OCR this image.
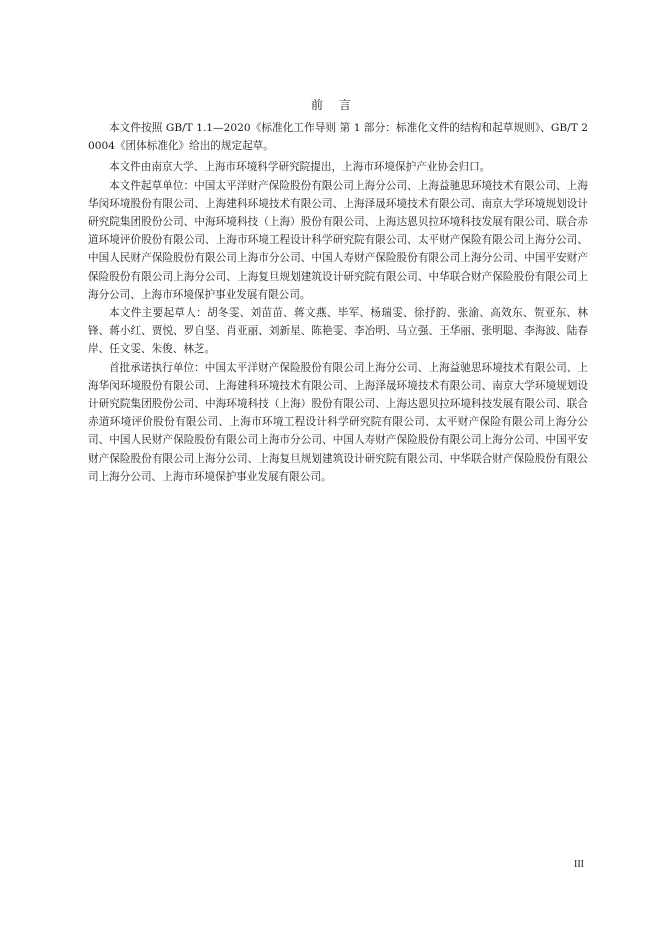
前言

本文件按照 GB/T 1.1—2020《标准化工作导则 第 1 部分：标准化文件的结构和起草规则》、GB/T 20004《团体标准化》给出的规定起草。

本文件由南京大学、上海市环境科学研究院提出，上海市环境保护产业协会归口。

本文件起草单位：中国太平洋财产保险股份有限公司上海分公司、上海益驰思环境技术有限公司、上海华闵环境股份有限公司、上海建科环境技术有限公司、上海泽晟环境技术有限公司、南京大学环境规划设计研究院集团股份公司、中海环境科技（上海）股份有限公司、上海达恩贝拉环境科技发展有限公司、联合赤道环境评价股份有限公司、上海市环境工程设计科学研究院有限公司、太平财产保险有限公司上海分公司、中国人民财产保险股份有限公司上海市分公司、中国人寿财产保险股份有限公司上海分公司、中国平安财产保险股份有限公司上海分公司、上海复旦规划建筑设计研究院有限公司、中华联合财产保险股份有限公司上海分公司、上海市环境保护事业发展有限公司。

本文件主要起草人：胡冬雯、刘苗苗、蒋文燕、毕军、杨瑞雯、徐抒韵、张渝、高效东、贺亚东、林锋、蒋小红、贾悦、罗自坚、肖亚丽、刘新星、陈艳雯、李冶明、马立强、王华丽、张明聪、李海波、陆春岸、任文雯、朱俊、林芝。

首批承诺执行单位：中国太平洋财产保险股份有限公司上海分公司、上海益驰思环境技术有限公司、上海华闵环境股份有限公司、上海建科环境技术有限公司、上海泽晟环境技术有限公司、南京大学环境规划设计研究院集团股份公司、中海环境科技（上海）股份有限公司、上海达恩贝拉环境科技发展有限公司、联合赤道环境评价股份有限公司、上海市环境工程设计科学研究院有限公司、太平财产保险有限公司上海分公司、中国人民财产保险股份有限公司上海市分公司、中国人寿财产保险股份有限公司上海分公司、中国平安财产保险股份有限公司上海分公司、上海复旦规划建筑设计研究院有限公司、中华联合财产保险股份有限公司上海分公司、上海市环境保护事业发展有限公司。

III
